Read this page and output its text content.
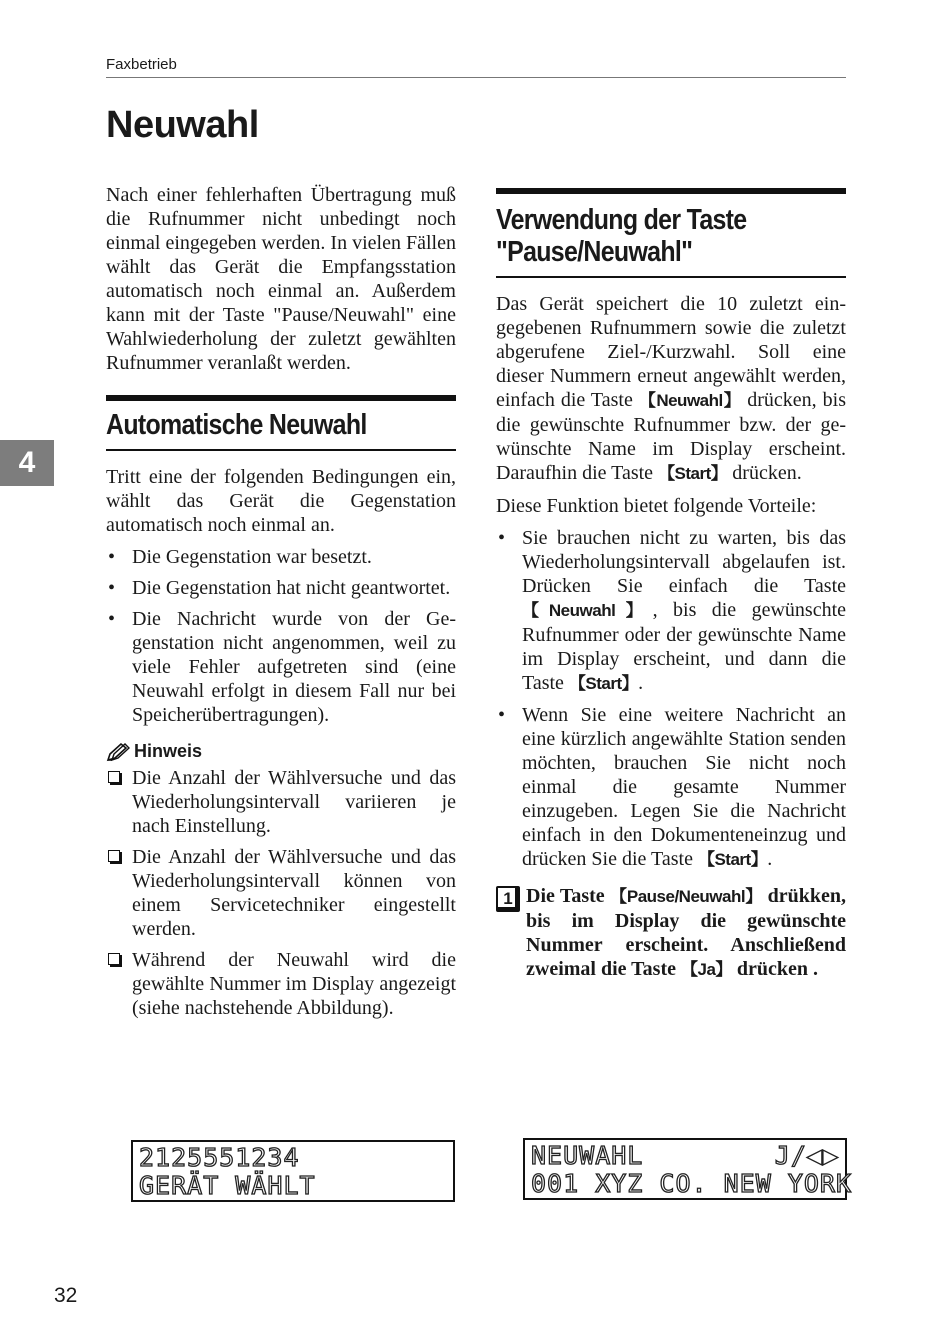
Faxbetrieb
Neuwahl
4

Nach einer fehlerhaften Übertragung muß die Rufnummer nicht unbedingt noch einmal eingegeben werden. In vielen Fällen wählt das Gerät die Empfangsstation automatisch noch einmal an. Außerdem kann mit der Taste "Pause/Neuwahl" eine Wahlwiederholung der zuletzt gewählten Rufnummer veranlaßt werden.

Automatische Neuwahl

Tritt eine der folgenden Bedingungen ein, wählt das Gerät die Gegenstation automatisch noch einmal an.

• Die Gegenstation war besetzt.
• Die Gegenstation hat nicht geantwortet.
• Die Nachricht wurde von der Gegenstation nicht angenommen, weil zu viele Fehler aufgetreten sind (eine Neuwahl erfolgt in diesem Fall nur bei Speicherübertragungen).
Hinweis
Die Anzahl der Wählversuche und das Wiederholungsintervall variieren je nach Einstellung.
Die Anzahl der Wählversuche und das Wiederholungsintervall können von einem Servicetechniker eingestellt werden.
Während der Neuwahl wird die gewählte Nummer im Display angezeigt (siehe nachstehende Abbildung).
2125551234
GERÄT WÄHLT
Verwendung der Taste
"Pause/Neuwahl"

Das Gerät speichert die 10 zuletzt eingegebenen Rufnummern sowie die zuletzt abgerufene Ziel-/Kurzwahl. Soll eine dieser Nummern erneut angewählt werden, einfach die Taste 【Neuwahl】 drücken, bis die gewünschte Rufnummer bzw. der gewünschte Name im Display erscheint. Daraufhin die Taste 【Start】 drücken.

Diese Funktion bietet folgende Vorteile:

• Sie brauchen nicht zu warten, bis das Wiederholungsintervall abgelaufen ist. Drücken Sie einfach die Taste 【Neuwahl】, bis die gewünschte Rufnummer oder der gewünschte Name im Display erscheint, und dann die Taste 【Start】.
• Wenn Sie eine weitere Nachricht an eine kürzlich angewählte Station senden möchten, brauchen Sie nicht noch einmal die gesamte Nummer einzugeben. Legen Sie die Nachricht einfach in den Dokumenteneinzug und drücken Sie die Taste 【Start】.
1 Die Taste 【Pause/Neuwahl】 drükken, bis im Display die gewünschte Nummer erscheint. Anschließend zweimal die Taste 【Ja】 drücken .
NEUWAHL	J/◀▶
001 XYZ CO. NEW YORK
32
